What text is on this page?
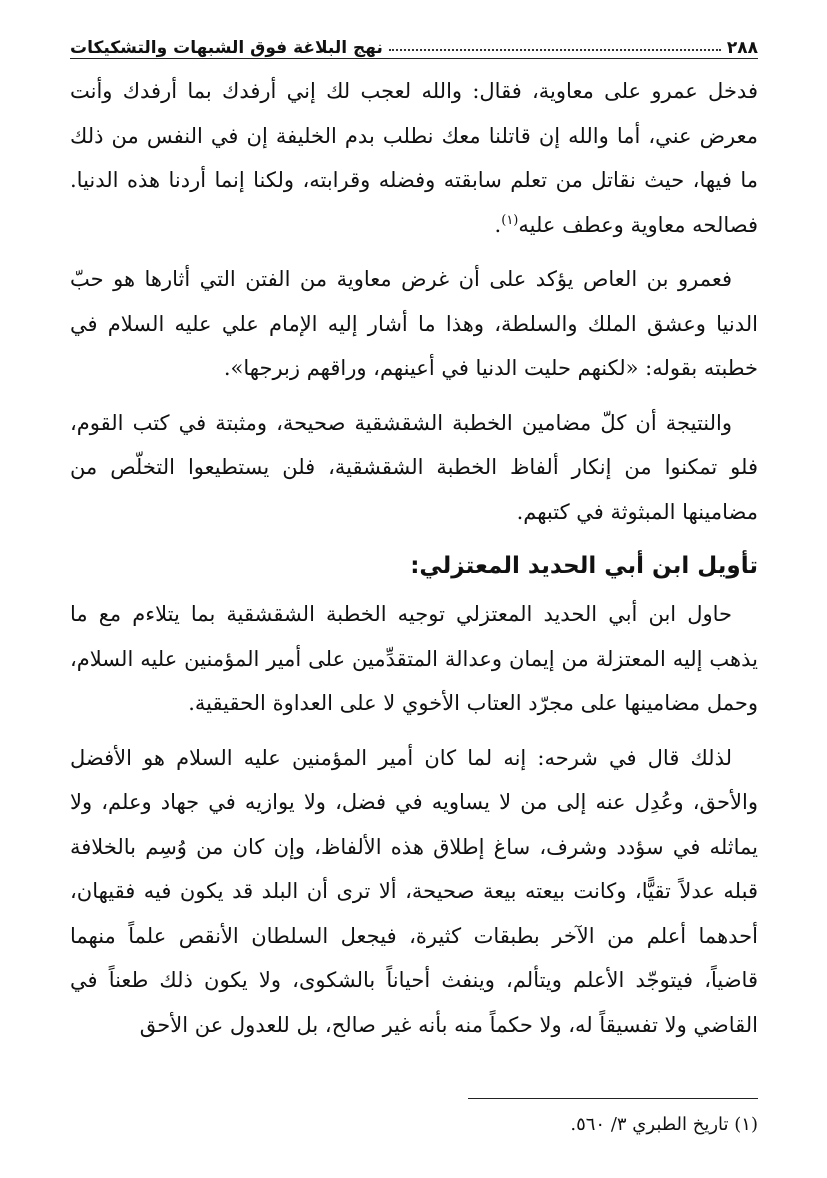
٢٨٨
نهج البلاغة فوق الشبهات والتشكيكات

فدخل عمرو على معاوية، فقال: والله لعجب لك إني أرفدك بما أرفدك وأنت معرض عني، أما والله إن قاتلنا معك نطلب بدم الخليفة إن في النفس من ذلك ما فيها، حيث نقاتل من تعلم سابقته وفضله وقرابته، ولكنا إنما أردنا هذه الدنيا. فصالحه معاوية وعطف عليه$^{(١)}$.

فعمرو بن العاص يؤكد على أن غرض معاوية من الفتن التي أثارها هو حبّ الدنيا وعشق الملك والسلطة، وهذا ما أشار إليه الإمام علي عليه السلام في خطبته بقوله: «لكنهم حليت الدنيا في أعينهم، وراقهم زبرجها».

والنتيجة أن كلّ مضامين الخطبة الشقشقية صحيحة، ومثبتة في كتب القوم، فلو تمكنوا من إنكار ألفاظ الخطبة الشقشقية، فلن يستطيعوا التخلّص من مضامينها المبثوثة في كتبهم.

تأويل ابن أبي الحديد المعتزلي:

حاول ابن أبي الحديد المعتزلي توجيه الخطبة الشقشقية بما يتلاءم مع ما يذهب إليه المعتزلة من إيمان وعدالة المتقدِّمين على أمير المؤمنين عليه السلام، وحمل مضامينها على مجرّد العتاب الأخوي لا على العداوة الحقيقية.

لذلك قال في شرحه: إنه لما كان أمير المؤمنين عليه السلام هو الأفضل والأحق، وعُدِل عنه إلى من لا يساويه في فضل، ولا يوازيه في جهاد وعلم، ولا يماثله في سؤدد وشرف، ساغ إطلاق هذه الألفاظ، وإن كان من وُسِم بالخلافة قبله عدلاً تقيًّا، وكانت بيعته بيعة صحيحة، ألا ترى أن البلد قد يكون فيه فقيهان، أحدهما أعلم من الآخر بطبقات كثيرة، فيجعل السلطان الأنقص علماً منهما قاضياً، فيتوجّد الأعلم ويتألم، وينفث أحياناً بالشكوى، ولا يكون ذلك طعناً في القاضي ولا تفسيقاً له، ولا حكماً منه بأنه غير صالح، بل للعدول عن الأحق

(١) تاريخ الطبري ٣/ ٥٦٠.
